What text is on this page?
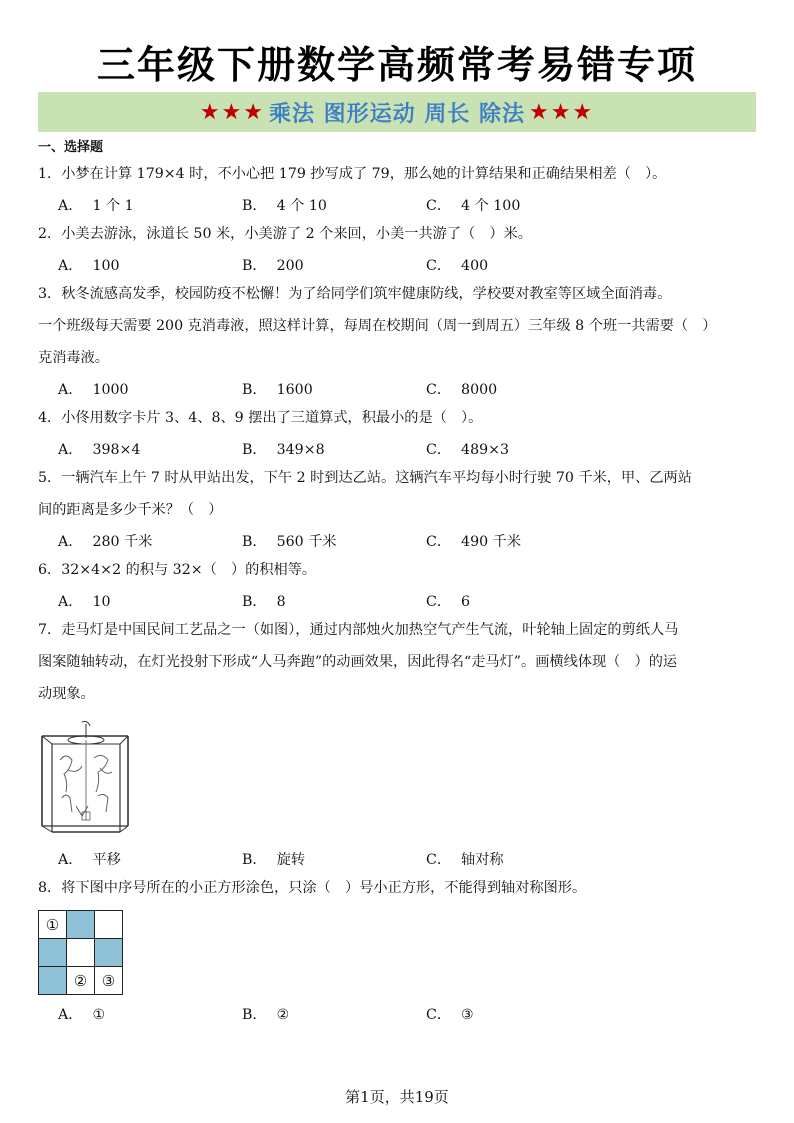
三年级下册数学高频常考易错专项
★★★ 乘法 图形运动 周长 除法 ★★★
一、选择题
1．小梦在计算 179×4 时，不小心把 179 抄写成了 79，那么她的计算结果和正确结果相差（　）。
A． 1 个 1	B． 4 个 10	C． 4 个 100
2．小美去游泳，泳道长 50 米，小美游了 2 个来回，小美一共游了（　）米。
A． 100	B． 200	C． 400
3．秋冬流感高发季，校园防疫不松懈！为了给同学们筑牢健康防线，学校要对教室等区域全面消毒。
一个班级每天需要 200 克消毒液，照这样计算，每周在校期间（周一到周五）三年级 8 个班一共需要（　）
克消毒液。
A． 1000	B． 1600	C． 8000
4．小佟用数字卡片 3、4、8、9 摆出了三道算式，积最小的是（　）。
A． 398×4	B． 349×8	C． 489×3
5．一辆汽车上午 7 时从甲站出发，下午 2 时到达乙站。这辆汽车平均每小时行驶 70 千米，甲、乙两站
间的距离是多少千米？（　）
A． 280 千米	B． 560 千米	C． 490 千米
6．32×4×2 的积与 32×（　）的积相等。
A． 10	B． 8	C． 6
7．走马灯是中国民间工艺品之一（如图），通过内部烛火加热空气产生气流，叶轮轴上固定的剪纸人马
图案随轴转动，在灯光投射下形成“人马奔跑”的动画效果，因此得名“走马灯”。画横线体现（　）的运
动现象。
A． 平移	B． 旋转	C． 轴对称
8．将下图中序号所在的小正方形涂色，只涂（　）号小正方形，不能得到轴对称图形。
①		

	②	③
A． ①	B． ②	C． ③
第1页，共19页
